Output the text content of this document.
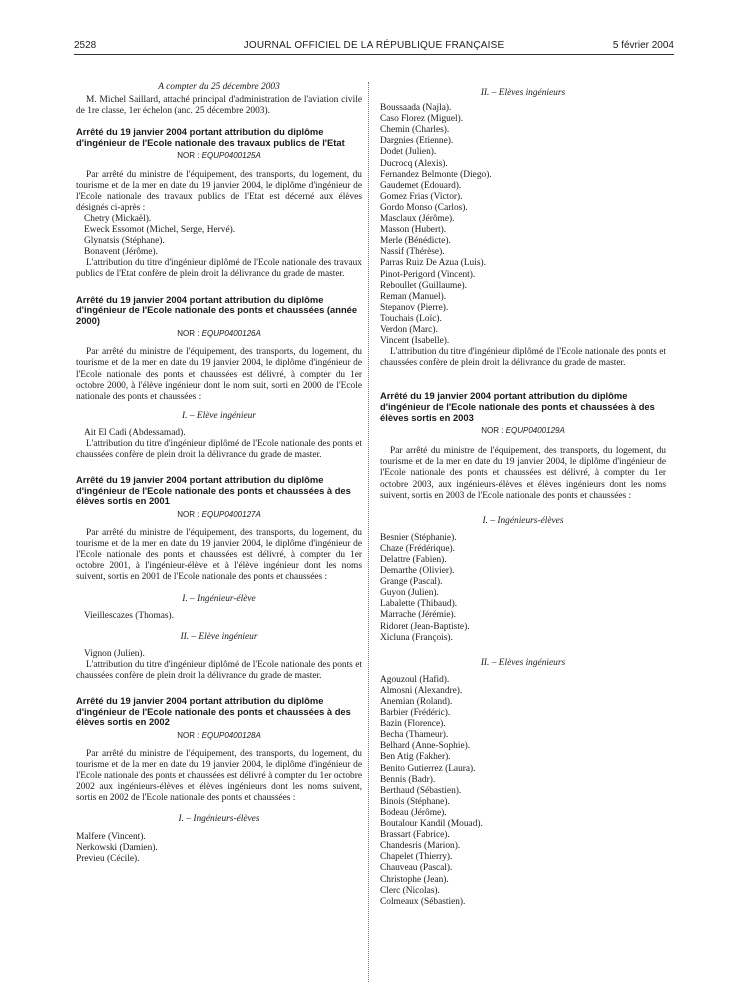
2528	JOURNAL OFFICIEL DE LA RÉPUBLIQUE FRANÇAISE	5 février 2004

A compter du 25 décembre 2003

M. Michel Saillard, attaché principal d'administration de l'aviation civile de 1re classe, 1er échelon (anc. 25 décembre 2003).

Arrêté du 19 janvier 2004 portant attribution du diplôme d'ingénieur de l'Ecole nationale des travaux publics de l'Etat

NOR : EQUP0400125A

Par arrêté du ministre de l'équipement, des transports, du logement, du tourisme et de la mer en date du 19 janvier 2004, le diplôme d'ingénieur de l'Ecole nationale des travaux publics de l'Etat est décerné aux élèves désignés ci-après :

Chetry (Mickaël).

Eweck Essomot (Michel, Serge, Hervé).

Glynatsis (Stéphane).

Bonavent (Jérôme).

L'attribution du titre d'ingénieur diplômé de l'Ecole nationale des travaux publics de l'Etat confère de plein droit la délivrance du grade de master.

Arrêté du 19 janvier 2004 portant attribution du diplôme d'ingénieur de l'Ecole nationale des ponts et chaussées (année 2000)

NOR : EQUP0400126A

Par arrêté du ministre de l'équipement, des transports, du logement, du tourisme et de la mer en date du 19 janvier 2004, le diplôme d'ingénieur de l'Ecole nationale des ponts et chaussées est délivré, à compter du 1er octobre 2000, à l'élève ingénieur dont le nom suit, sorti en 2000 de l'Ecole nationale des ponts et chaussées :

I. – Elève ingénieur

Ait El Cadi (Abdessamad).

L'attribution du titre d'ingénieur diplômé de l'Ecole nationale des ponts et chaussées confère de plein droit la délivrance du grade de master.

Arrêté du 19 janvier 2004 portant attribution du diplôme d'ingénieur de l'Ecole nationale des ponts et chaussées à des élèves sortis en 2001

NOR : EQUP0400127A

Par arrêté du ministre de l'équipement, des transports, du logement, du tourisme et de la mer en date du 19 janvier 2004, le diplôme d'ingénieur de l'Ecole nationale des ponts et chaussées est délivré, à compter du 1er octobre 2001, à l'ingénieur-élève et à l'élève ingénieur dont les noms suivent, sortis en 2001 de l'Ecole nationale des ponts et chaussées :

I. – Ingénieur-élève

Vieillescazes (Thomas).

II. – Elève ingénieur

Vignon (Julien).

L'attribution du titre d'ingénieur diplômé de l'Ecole nationale des ponts et chaussées confère de plein droit la délivrance du grade de master.

Arrêté du 19 janvier 2004 portant attribution du diplôme d'ingénieur de l'Ecole nationale des ponts et chaussées à des élèves sortis en 2002

NOR : EQUP0400128A

Par arrêté du ministre de l'équipement, des transports, du logement, du tourisme et de la mer en date du 19 janvier 2004, le diplôme d'ingénieur de l'Ecole nationale des ponts et chaussées est délivré à compter du 1er octobre 2002 aux ingénieurs-élèves et élèves ingénieurs dont les noms suivent, sortis en 2002 de l'Ecole nationale des ponts et chaussées :

I. – Ingénieurs-élèves

Malfere (Vincent).

Nerkowski (Damien).

Previeu (Cécile).

II. – Elèves ingénieurs

Boussaada (Najla).

Caso Florez (Miguel).

Chemin (Charles).

Dargnies (Etienne).

Dodet (Julien).

Ducrocq (Alexis).

Fernandez Belmonte (Diego).

Gaudemet (Edouard).

Gomez Frias (Victor).

Gordo Monso (Carlos).

Masclaux (Jérôme).

Masson (Hubert).

Merle (Bénédicte).

Nassif (Thérèse).

Parras Ruiz De Azua (Luis).

Pinot-Perigord (Vincent).

Reboullet (Guillaume).

Reman (Manuel).

Stepanov (Pierre).

Touchais (Loïc).

Verdon (Marc).

Vincent (Isabelle).

L'attribution du titre d'ingénieur diplômé de l'Ecole nationale des ponts et chaussées confère de plein droit la délivrance du grade de master.

Arrêté du 19 janvier 2004 portant attribution du diplôme d'ingénieur de l'Ecole nationale des ponts et chaussées à des élèves sortis en 2003

NOR : EQUP0400129A

Par arrêté du ministre de l'équipement, des transports, du logement, du tourisme et de la mer en date du 19 janvier 2004, le diplôme d'ingénieur de l'Ecole nationale des ponts et chaussées est délivré, à compter du 1er octobre 2003, aux ingénieurs-élèves et élèves ingénieurs dont les noms suivent, sortis en 2003 de l'Ecole nationale des ponts et chaussées :

I. – Ingénieurs-élèves

Besnier (Stéphanie).

Chaze (Frédérique).

Delattre (Fabien).

Demarthe (Olivier).

Grange (Pascal).

Guyon (Julien).

Labalette (Thibaud).

Marrache (Jérémie).

Ridoret (Jean-Baptiste).

Xicluna (François).

II. – Elèves ingénieurs

Agouzoul (Hafid).

Almosni (Alexandre).

Anemian (Roland).

Barbier (Frédéric).

Bazin (Florence).

Becha (Thameur).

Belhard (Anne-Sophie).

Ben Atig (Fakher).

Benito Gutierrez (Laura).

Bennis (Badr).

Berthaud (Sébastien).

Binois (Stéphane).

Bodeau (Jérôme).

Boutalour Kandil (Mouad).

Brassart (Fabrice).

Chandesris (Marion).

Chapelet (Thierry).

Chauveau (Pascal).

Christophe (Jean).

Clerc (Nicolas).

Colmeaux (Sébastien).
